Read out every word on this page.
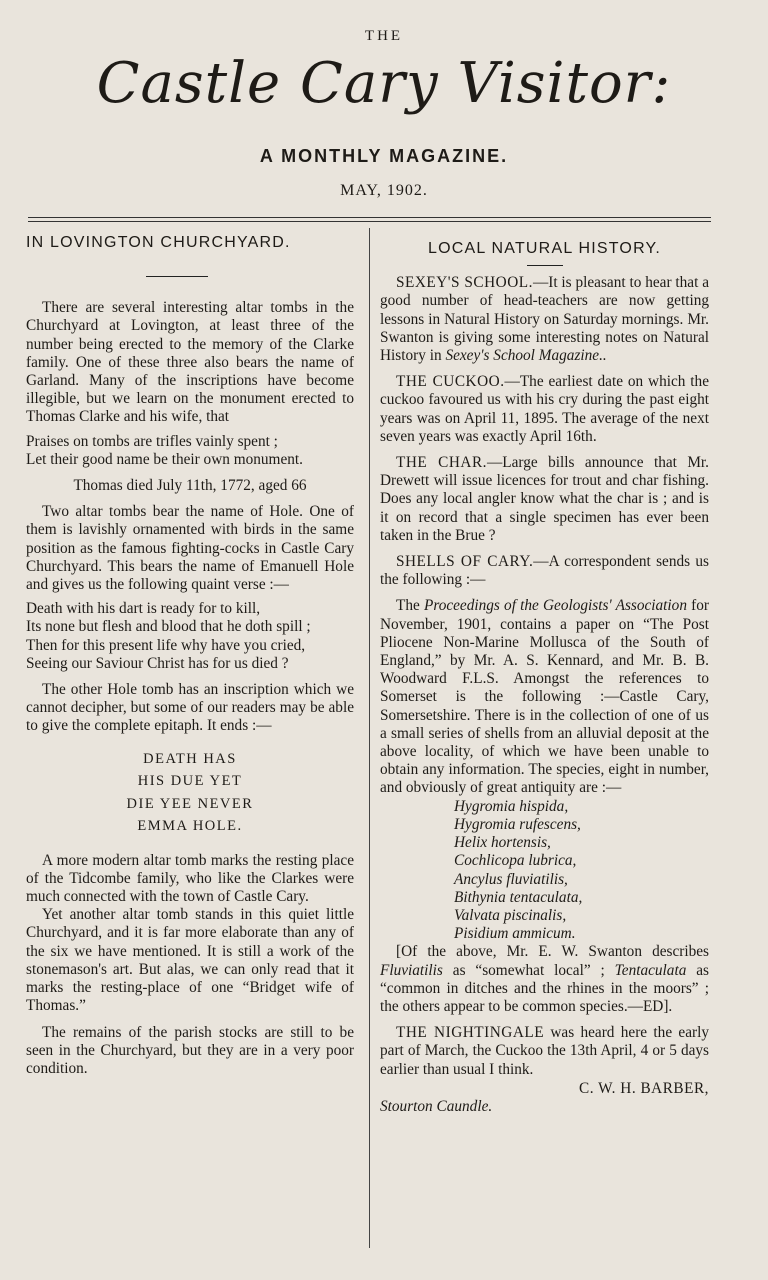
THE
Castle Cary Visitor:
A MONTHLY MAGAZINE.
MAY, 1902.
IN LOVINGTON CHURCHYARD.

There are several interesting altar tombs in the Churchyard at Lovington, at least three of the number being erected to the memory of the Clarke family. One of these three also bears the name of Garland. Many of the inscriptions have become illegible, but we learn on the monument erected to Thomas Clarke and his wife, that

Praises on tombs are trifles vainly spent ;
Let their good name be their own monument.

Thomas died July 11th, 1772, aged 66

Two altar tombs bear the name of Hole. One of them is lavishly ornamented with birds in the same position as the famous fighting-cocks in Castle Cary Churchyard. This bears the name of Emanuell Hole and gives us the following quaint verse :—

Death with his dart is ready for to kill,
Its none but flesh and blood that he doth spill ;
Then for this present life why have you cried,
Seeing our Saviour Christ has for us died ?

The other Hole tomb has an inscription which we cannot decipher, but some of our readers may be able to give the complete epitaph. It ends :—

DEATH HAS
HIS DUE YET
DIE YEE NEVER
EMMA HOLE.

A more modern altar tomb marks the resting place of the Tidcombe family, who like the Clarkes were much connected with the town of Castle Cary.

Yet another altar tomb stands in this quiet little Churchyard, and it is far more elaborate than any of the six we have mentioned. It is still a work of the stonemason's art. But alas, we can only read that it marks the resting-place of one “Bridget wife of Thomas.”

The remains of the parish stocks are still to be seen in the Churchyard, but they are in a very poor condition.

LOCAL NATURAL HISTORY.

SEXEY'S SCHOOL.—It is pleasant to hear that a good number of head-teachers are now getting lessons in Natural History on Saturday mornings. Mr. Swanton is giving some interesting notes on Natural History in Sexey's School Magazine..

THE CUCKOO.—The earliest date on which the cuckoo favoured us with his cry during the past eight years was on April 11, 1895. The average of the next seven years was exactly April 16th.

THE CHAR.—Large bills announce that Mr. Drewett will issue licences for trout and char fishing. Does any local angler know what the char is ; and is it on record that a single specimen has ever been taken in the Brue ?

SHELLS OF CARY.—A correspondent sends us the following :—

The Proceedings of the Geologists' Association for November, 1901, contains a paper on “The Post Pliocene Non-Marine Mollusca of the South of England,” by Mr. A. S. Kennard, and Mr. B. B. Woodward F.L.S. Amongst the references to Somerset is the following :—Castle Cary, Somersetshire. There is in the collection of one of us a small series of shells from an alluvial deposit at the above locality, of which we have been unable to obtain any information. The species, eight in number, and obviously of great antiquity are :—

Hygromia hispida,
Hygromia rufescens,
Helix hortensis,
Cochlicopa lubrica,
Ancylus fluviatilis,
Bithynia tentaculata,
Valvata piscinalis,
Pisidium ammicum.

[Of the above, Mr. E. W. Swanton describes Fluviatilis as “somewhat local” ; Tentaculata as “common in ditches and the rhines in the moors” ; the others appear to be common species.—ED].

THE NIGHTINGALE was heard here the early part of March, the Cuckoo the 13th April, 4 or 5 days earlier than usual I think.

C. W. H. BARBER,

Stourton Caundle.
